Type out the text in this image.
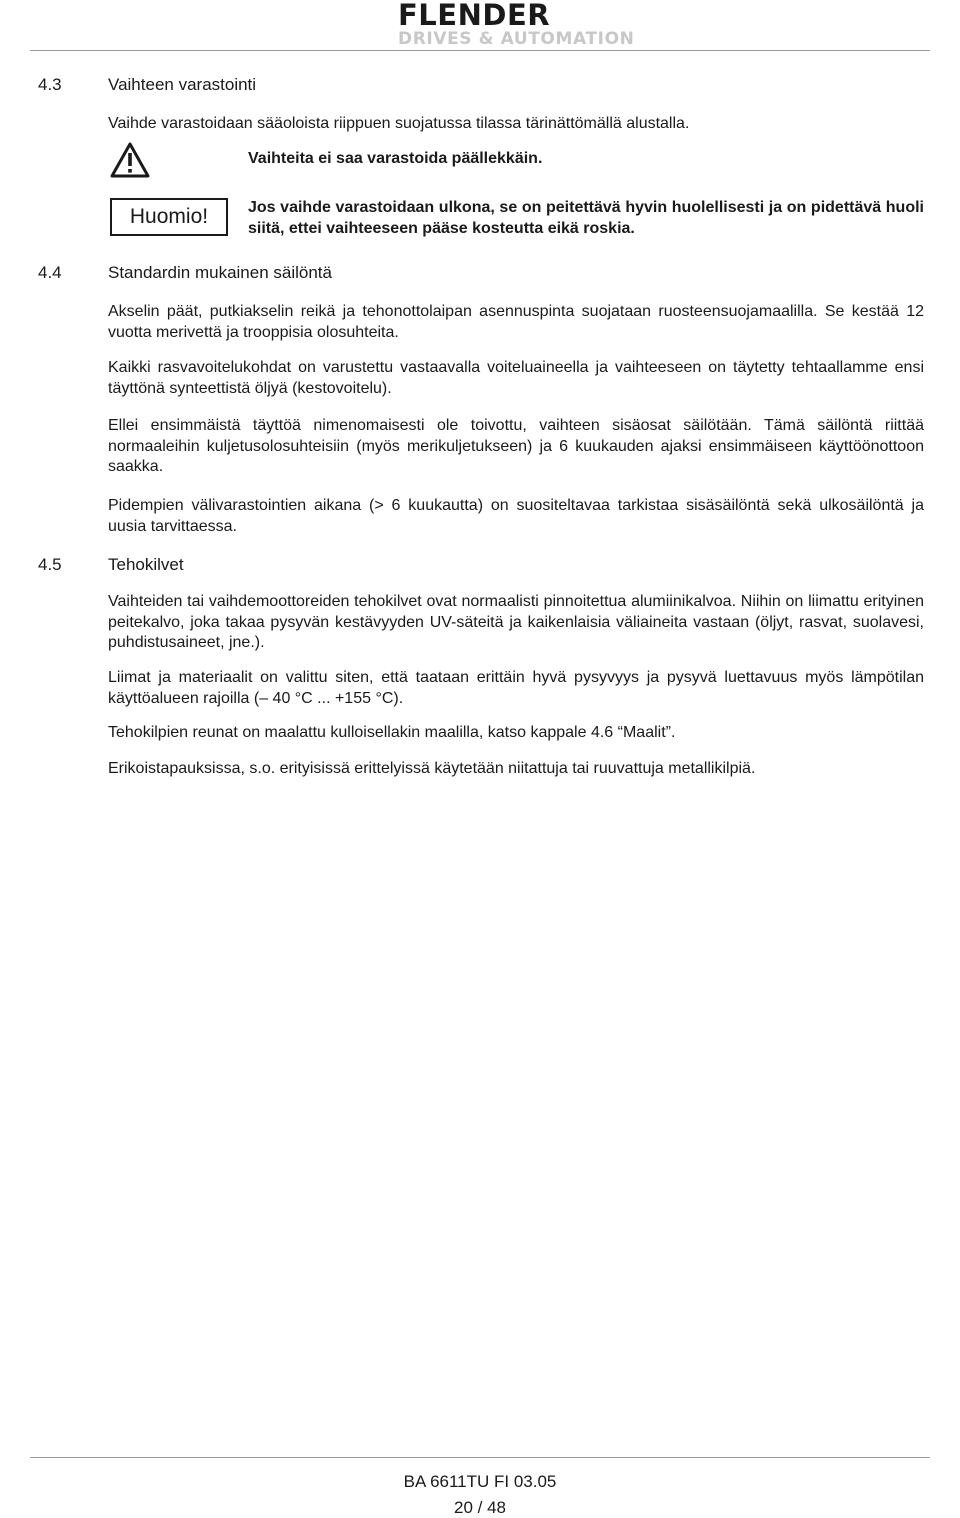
FLENDER
DRIVES & AUTOMATION
4.3	Vaihteen varastointi
Vaihde varastoidaan sääoloista riippuen suojatussa tilassa tärinättömällä alustalla.
Vaihteita ei saa varastoida päällekkäin.
Huomio!	Jos vaihde varastoidaan ulkona, se on peitettävä hyvin huolellisesti ja on pidettävä huoli siitä, ettei vaihteeseen pääse kosteutta eikä roskia.
4.4	Standardin mukainen säilöntä
Akselin päät, putkiakselin reikä ja tehonottolaipan asennuspinta suojataan ruosteensuojamaalilla. Se kestää 12 vuotta merivettä ja trooppisia olosuhteita.
Kaikki rasvavoitelukohdat on varustettu vastaavalla voiteluaineella ja vaihteeseen on täytetty tehtaallamme ensi täyttönä synteettistä öljyä (kestovoitelu).
Ellei ensimmäistä täyttöä nimenomaisesti ole toivottu, vaihteen sisäosat säilötään. Tämä säilöntä riittää normaaleihin kuljetusolosuhteisiin (myös merikuljetukseen) ja 6 kuukauden ajaksi ensimmäiseen käyttöönottoon saakka.
Pidempien välivarastointien aikana (> 6 kuukautta) on suositeltavaa tarkistaa sisäsäilöntä sekä ulkosäilöntä ja uusia tarvittaessa.
4.5	Tehokilvet
Vaihteiden tai vaihdemoottoreiden tehokilvet ovat normaalisti pinnoitettua alumiinikalvoa. Niihin on liimattu erityinen peitekalvo, joka takaa pysyvän kestävyyden UV-säteitä ja kaikenlaisia väliaineita vastaan (öljyt, rasvat, suolavesi, puhdistusaineet, jne.).
Liimat ja materiaalit on valittu siten, että taataan erittäin hyvä pysyvyys ja pysyvä luettavuus myös lämpötilan käyttöalueen rajoilla (– 40 °C ... +155 °C).
Tehokilpien reunat on maalattu kulloisellakin maalilla, katso kappale 4.6 “Maalit”.
Erikoistapauksissa, s.o. erityisissä erittelyissä käytetään niitattuja tai ruuvattuja metallikilpiä.
BA 6611TU FI 03.05
20 / 48
